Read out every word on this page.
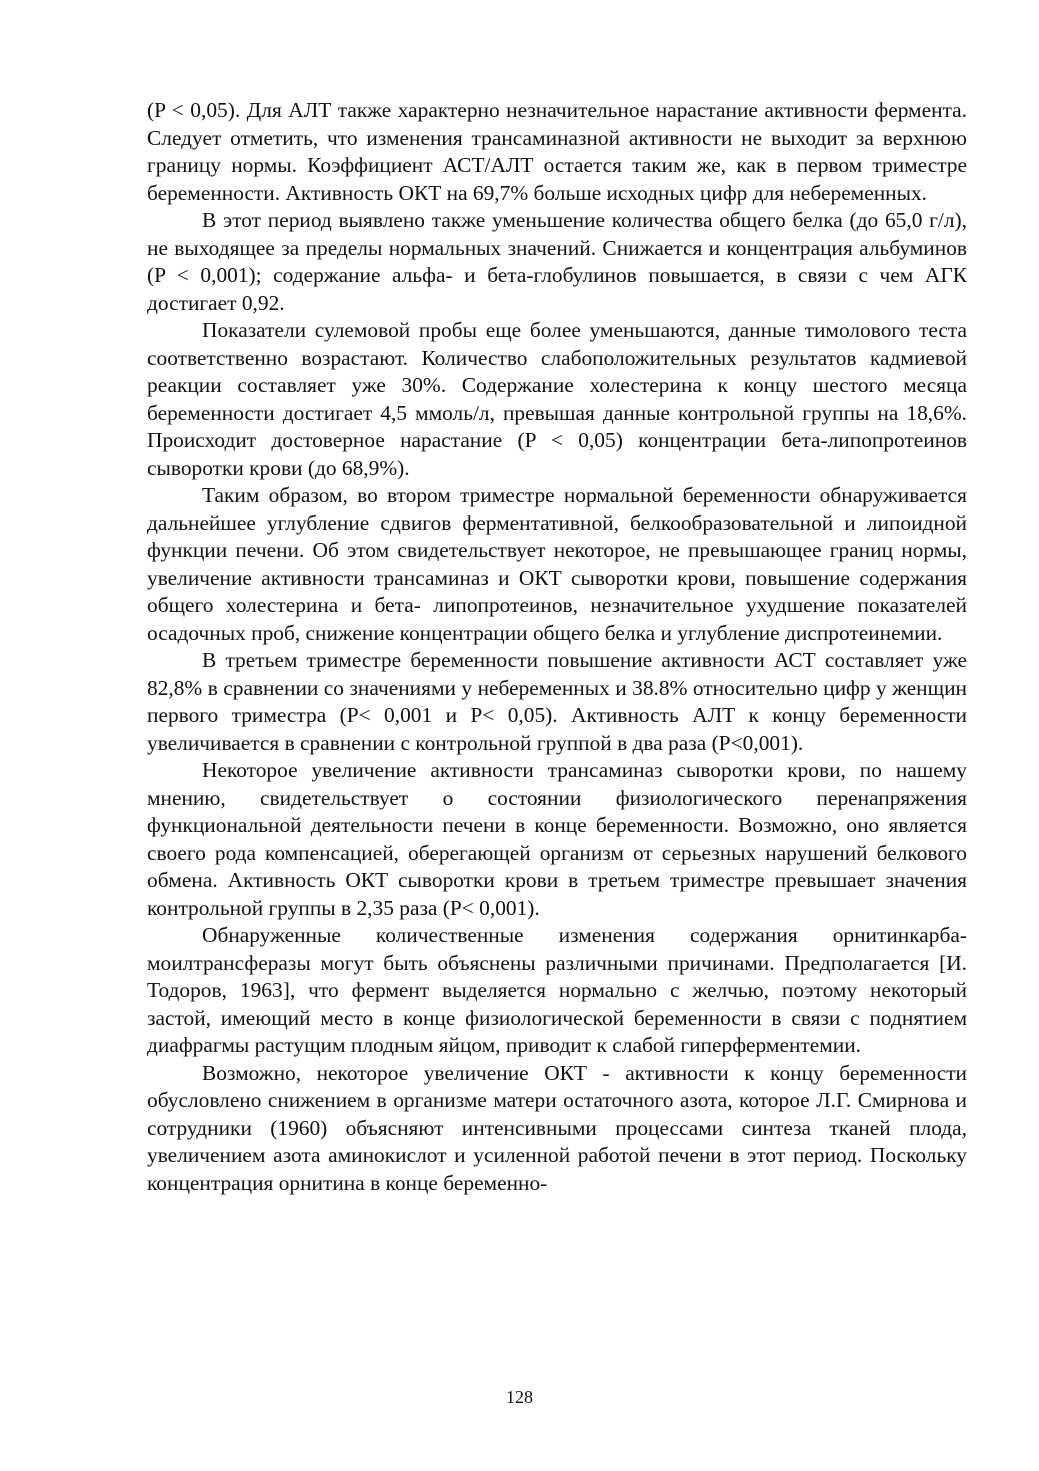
(P < 0,05). Для АЛТ также характерно незначительное нарастание активности фермента. Следует отметить, что изменения трансаминазной активности не выходит за верхнюю границу нормы. Коэффициент АСТ/АЛТ остается таким же, как в первом триместре беременности. Активность ОКТ на 69,7% больше исходных цифр для небеременных.

В этот период выявлено также уменьшение количества общего белка (до 65,0 г/л), не выходящее за пределы нормальных значений. Снижается и концентрация альбуминов (P < 0,001); содержание альфа- и бета-глобулинов повышается, в связи с чем АГК достигает 0,92.

Показатели сулемовой пробы еще более уменьшаются, данные тимолового теста соответственно возрастают. Количество слабоположительных результатов кадмиевой реакции составляет уже 30%. Содержание холестерина к концу шестого месяца беременности достигает 4,5 ммоль/л, превышая данные контрольной группы на 18,6%. Происходит достоверное нарастание (P < 0,05) концентрации бета-липопротеинов сыворотки крови (до 68,9%).

Таким образом, во втором триместре нормальной беременности обнаруживается дальнейшее углубление сдвигов ферментативной, белкообразовательной и липоидной функции печени. Об этом свидетельствует некоторое, не превышающее границ нормы, увеличение активности трансаминаз и ОКТ сыворотки крови, повышение содержания общего холестерина и бета- липопротеинов, незначительное ухудшение показателей осадочных проб, снижение концентрации общего белка и углубление диспротеинемии.

В третьем триместре беременности повышение активности АСТ составляет уже 82,8% в сравнении со значениями у небеременных и 38.8% относительно цифр у женщин первого триместра (P< 0,001 и P< 0,05). Активность АЛТ к концу беременности увеличивается в сравнении с контрольной группой в два раза (P<0,001).

Некоторое увеличение активности трансаминаз сыворотки крови, по нашему мнению, свидетельствует о состоянии физиологического перенапряжения функциональной деятельности печени в конце беременности. Возможно, оно является своего рода компенсацией, оберегающей организм от серьезных нарушений белкового обмена. Активность ОКТ сыворотки крови в третьем триместре превышает значения контрольной группы в 2,35 раза (P< 0,001).

Обнаруженные количественные изменения содержания орнитинкарбамоилтрансферазы могут быть объяснены различными причинами. Предполагается [И. Тодоров, 1963], что фермент выделяется нормально с желчью, поэтому некоторый застой, имеющий место в конце физиологической беременности в связи с поднятием диафрагмы растущим плодным яйцом, приводит к слабой гиперферментемии.

Возможно, некоторое увеличение ОКТ - активности к концу беременности обусловлено снижением в организме матери остаточного азота, которое Л.Г. Смирнова и сотрудники (1960) объясняют интенсивными процессами синтеза тканей плода, увеличением азота аминокислот и усиленной работой печени в этот период. Поскольку концентрация орнитина в конце беременно-

128
